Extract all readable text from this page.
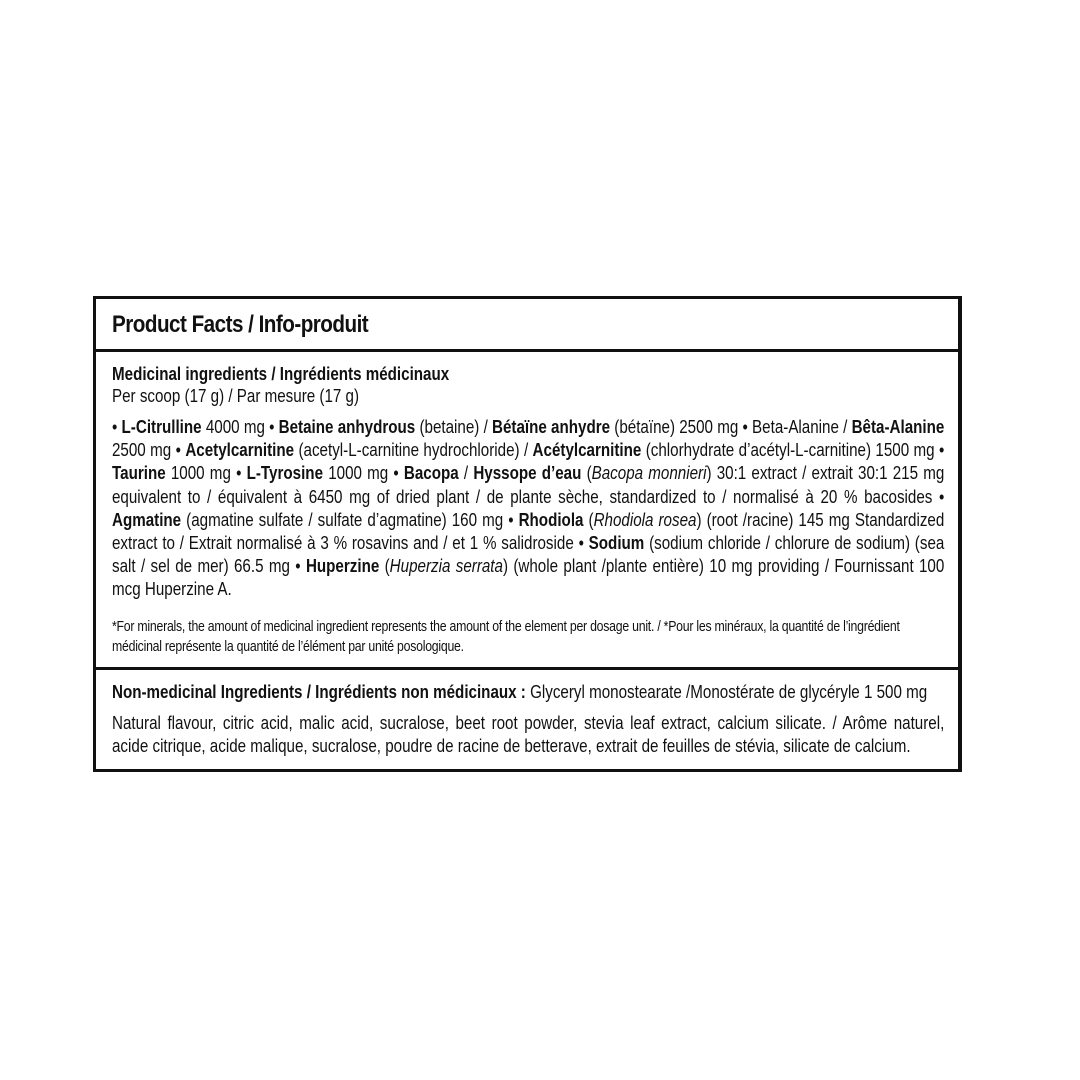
Product Facts / Info-produit
Medicinal ingredients / Ingrédients médicinaux
Per scoop (17 g) / Par mesure (17 g)
• L-Citrulline 4000 mg • Betaine anhydrous (betaine) / Bétaïne anhydre (bétaïne) 2500 mg • Beta-Alanine / Bêta-Alanine 2500 mg • Acetylcarnitine (acetyl-L-carnitine hydrochloride) / Acétylcarnitine (chlorhydrate d’acétyl-L-carnitine) 1500 mg • Taurine 1000 mg • L-Tyrosine 1000 mg • Bacopa / Hyssope d’eau (Bacopa monnieri) 30:1 extract / extrait 30:1 215 mg equivalent to / équivalent à 6450 mg of dried plant / de plante sèche, standardized to / normalisé à 20 % bacosides • Agmatine (agmatine sulfate / sulfate d’agmatine) 160 mg • Rhodiola (Rhodiola rosea) (root /racine) 145 mg Standardized extract to / Extrait normalisé à 3 % rosavins and / et 1 % salidroside • Sodium (sodium chloride / chlorure de sodium) (sea salt / sel de mer) 66.5 mg • Huperzine (Huperzia serrata) (whole plant /plante entière) 10 mg providing / Fournissant 100 mcg Huperzine A.
*For minerals, the amount of medicinal ingredient represents the amount of the element per dosage unit. / *Pour les minéraux, la quantité de l’ingrédient médicinal représente la quantité de l’élément par unité posologique.
Non-medicinal Ingredients / Ingrédients non médicinaux : Glyceryl monostearate /Monostérate de glycéryle 1 500 mg
Natural flavour, citric acid, malic acid, sucralose, beet root powder, stevia leaf extract, calcium silicate. / Arôme naturel, acide citrique, acide malique, sucralose, poudre de racine de betterave, extrait de feuilles de stévia, silicate de calcium.
